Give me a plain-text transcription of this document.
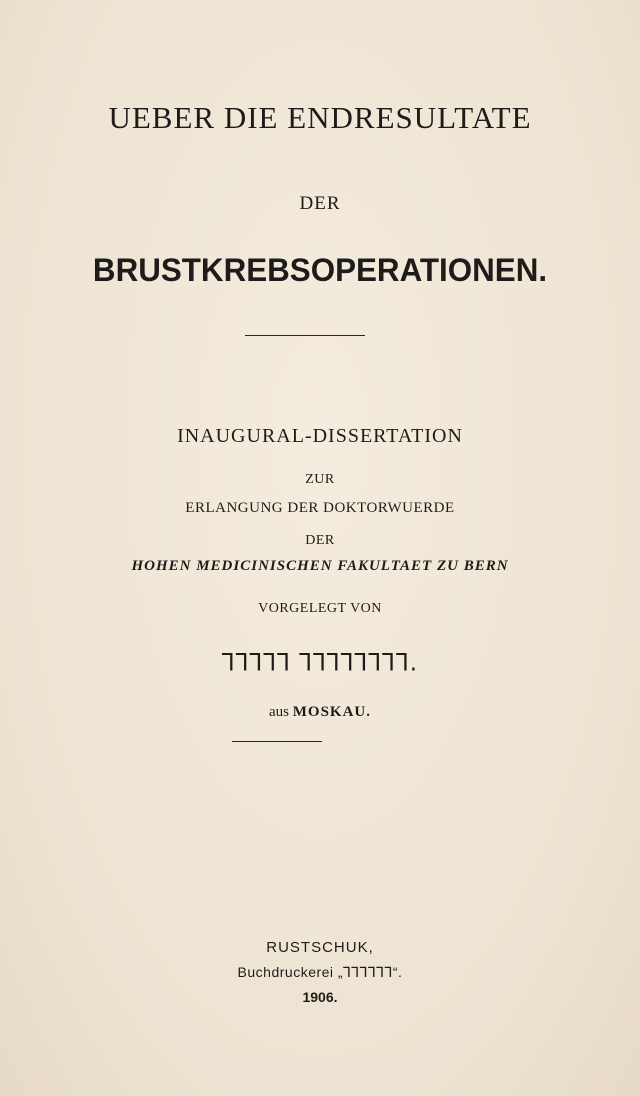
UEBER DIE ENDRESULTATE
DER
BRUSTKREBSOPERATIONEN.
INAUGURAL-DISSERTATION
ZUR
ERLANGUNG DER DOKTORWUERDE
DER
HOHEN MEDICINISCHEN FAKULTAET ZU BERN
VORGELEGT VON
ꞀꞀꞀꞀꞀ ꞀꞀꞀꞀꞀꞀꞀꞀ.
aus MOSKAU.
RUSTSCHUK,
Buchdruckerei „ꞀꞀꞀꞀꞀꞀ“.
1906.
